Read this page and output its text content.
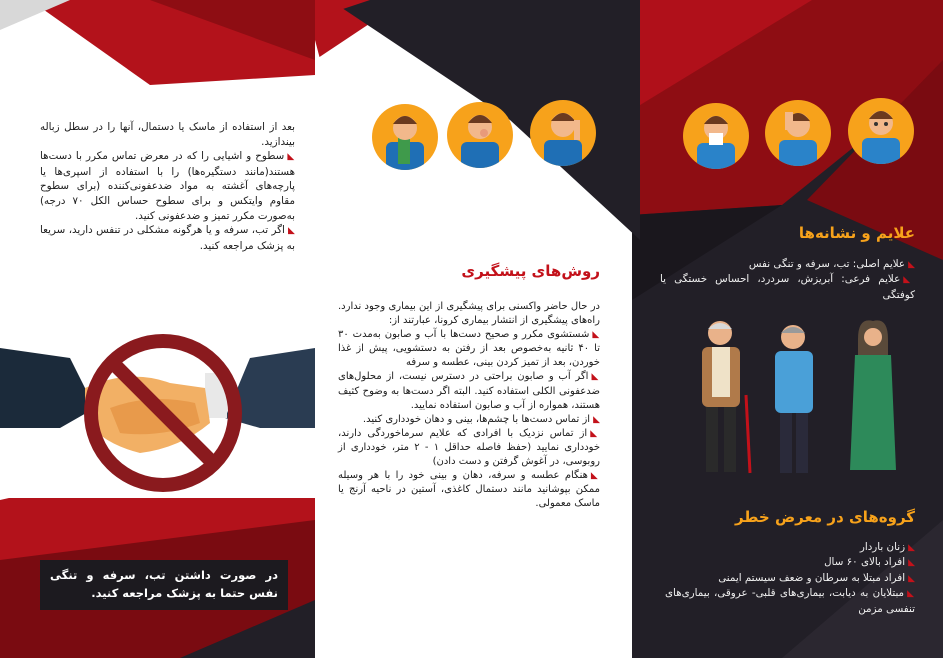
بعد از استفاده از ماسک یا دستمال، آنها را در سطل زباله بیندازید.

◣سطوح و اشیایی را که در معرض تماس مکرر با دست‌ها هستند(مانند دستگیره‌ها) را با استفاده از اسپری‌ها یا پارچه‌های آغشته به مواد ضدعفونی‌کننده (برای سطوح مقاوم وایتکس و برای سطوح حساس الکل ۷۰ درجه) به‌صورت مکرر تمیز و ضدعفونی کنید.

◣اگر تب، سرفه و یا هرگونه مشکلی در تنفس دارید، سریعا به پزشک مراجعه کنید.

در صورت داشتن تب، سرفه و تنگی نفس حتما به پزشک مراجعه کنید.
روش‌های پیشگیری

در حال حاضر واکسنی برای پیشگیری از این بیماری وجود ندارد. راه‌های پیشگیری از انتشار بیماری کرونا، عبارتند از:

◣شستشوی مکرر و صحیح دست‌ها با آب و صابون به‌مدت ۳۰ تا ۴۰ ثانیه به‌خصوص بعد از رفتن به دستشویی، پیش از غذا خوردن، بعد از تمیز کردن بینی، عطسه و سرفه

◣اگر آب و صابون براحتی در دسترس نیست، از محلول‌های ضدعفونی الکلی استفاده کنید. البته اگر دست‌ها به وضوح کثیف هستند، همواره از آب و صابون استفاده نمایید.

◣از تماس دست‌ها با چشم‌ها، بینی و دهان خودداری کنید.

◣از تماس نزدیک با افرادی که علایم سرماخوردگی دارند، خودداری نمایید (حفظ فاصله حداقل ۱ - ۲ متر، خودداری از روبوسی، در آغوش گرفتن و دست دادن)

◣هنگام عطسه و سرفه، دهان و بینی خود را با هر وسیله ممکن بپوشانید مانند دستمال کاغذی، آستین در ناحیه آرنج یا ماسک معمولی.

علایم و نشانه‌ها

◣علایم اصلی: تب، سرفه و تنگی نفس

◣علایم فرعی: آبریزش، سردرد، احساس خستگی یا کوفتگی

گروه‌های در معرض خطر

◣زنان باردار

◣افراد بالای ۶۰ سال

◣افراد مبتلا به سرطان و ضعف سیستم ایمنی

◣مبتلایان به دیابت، بیماری‌های قلبی- عروقی، بیماری‌های تنفسی مزمن
